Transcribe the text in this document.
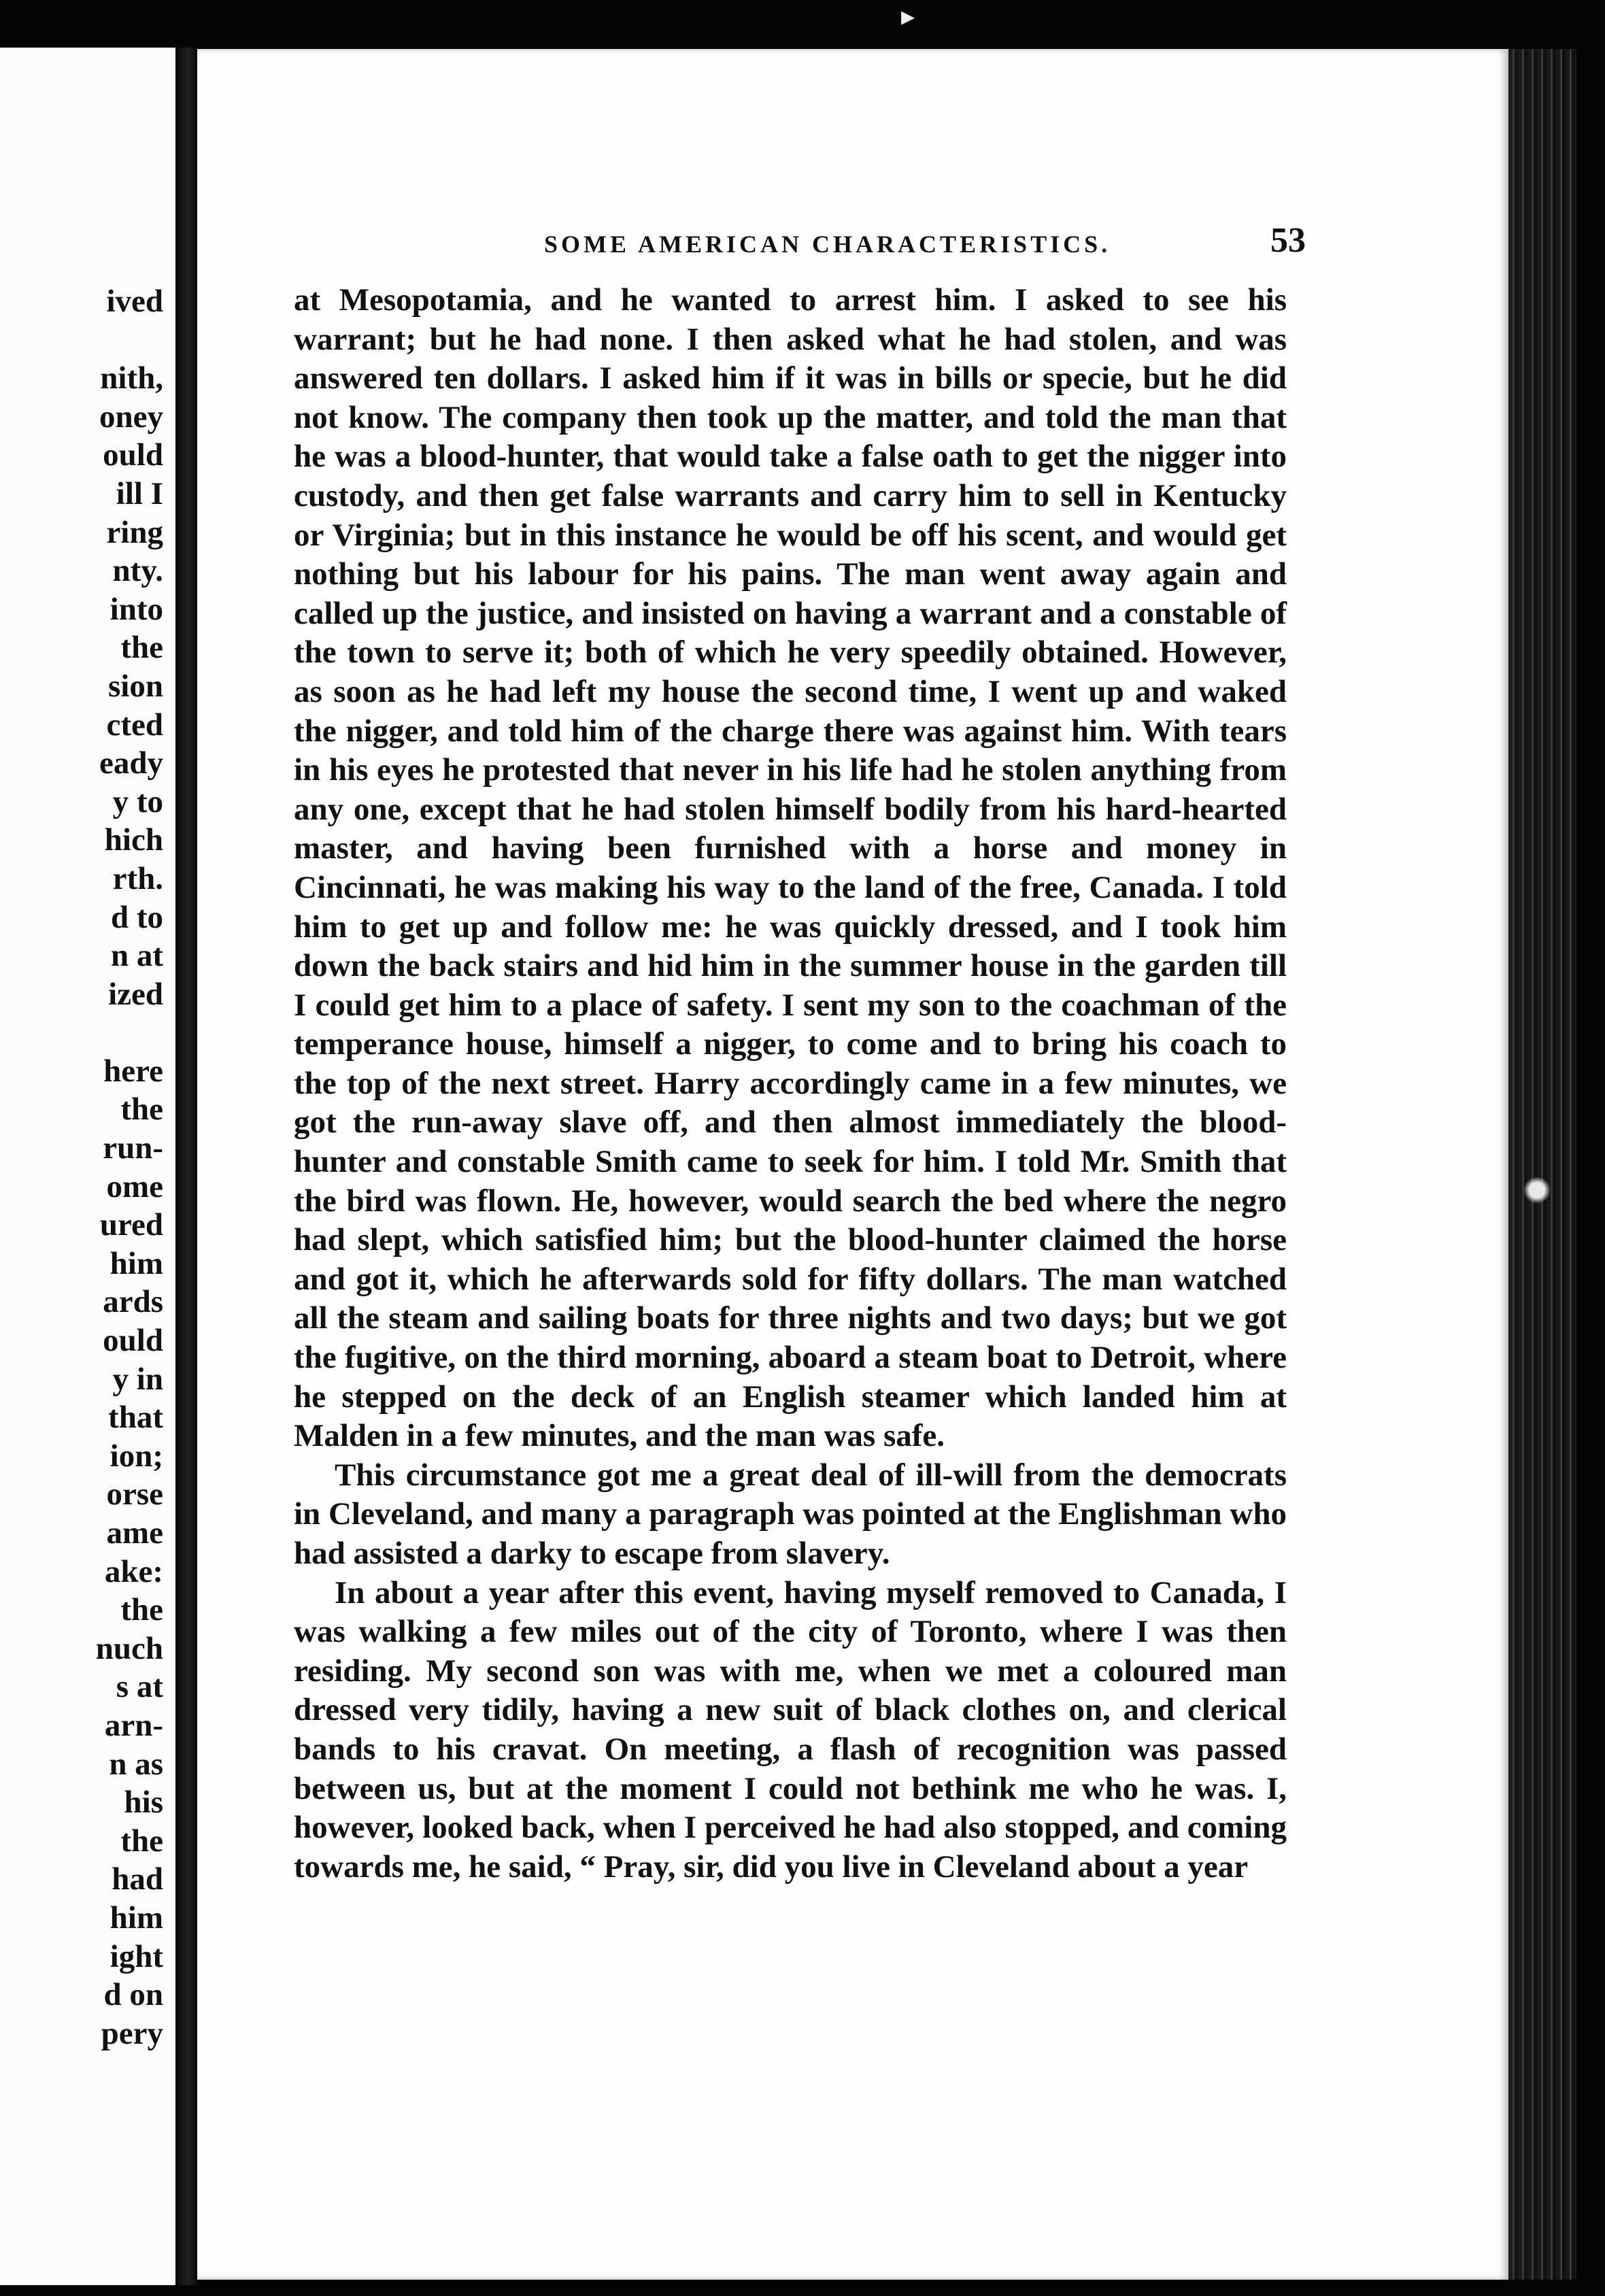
▸
ived

nith,
oney
ould
ill I
ring
nty.
into
the
sion
cted
eady
y to
hich
rth.
d to
n at
ized

here
the
run-
ome
ured
him
ards
ould
y in
that
ion;
orse
ame
ake:
the
nuch
s at
arn-
n as
his
the
had
him
ight
d on
pery
SOME AMERICAN CHARACTERISTICS.	53

at Mesopotamia, and he wanted to arrest him. I asked to see his warrant; but he had none. I then asked what he had stolen, and was answered ten dollars. I asked him if it was in bills or specie, but he did not know. The company then took up the matter, and told the man that he was a blood-hunter, that would take a false oath to get the nigger into custody, and then get false warrants and carry him to sell in Kentucky or Virginia; but in this instance he would be off his scent, and would get nothing but his labour for his pains. The man went away again and called up the justice, and insisted on having a warrant and a constable of the town to serve it; both of which he very speedily obtained. However, as soon as he had left my house the second time, I went up and waked the nigger, and told him of the charge there was against him. With tears in his eyes he protested that never in his life had he stolen anything from any one, except that he had stolen himself bodily from his hard-hearted master, and having been furnished with a horse and money in Cincinnati, he was making his way to the land of the free, Canada. I told him to get up and follow me: he was quickly dressed, and I took him down the back stairs and hid him in the summer house in the garden till I could get him to a place of safety. I sent my son to the coachman of the temperance house, himself a nigger, to come and to bring his coach to the top of the next street. Harry accordingly came in a few minutes, we got the run-away slave off, and then almost immediately the blood-hunter and constable Smith came to seek for him. I told Mr. Smith that the bird was flown. He, however, would search the bed where the negro had slept, which satisfied him; but the blood-hunter claimed the horse and got it, which he afterwards sold for fifty dollars. The man watched all the steam and sailing boats for three nights and two days; but we got the fugitive, on the third morning, aboard a steam boat to Detroit, where he stepped on the deck of an English steamer which landed him at Malden in a few minutes, and the man was safe.

This circumstance got me a great deal of ill-will from the democrats in Cleveland, and many a paragraph was pointed at the Englishman who had assisted a darky to escape from slavery.

In about a year after this event, having myself removed to Canada, I was walking a few miles out of the city of Toronto, where I was then residing. My second son was with me, when we met a coloured man dressed very tidily, having a new suit of black clothes on, and clerical bands to his cravat. On meeting, a flash of recognition was passed between us, but at the moment I could not bethink me who he was. I, however, looked back, when I perceived he had also stopped, and coming towards me, he said, “ Pray, sir, did you live in Cleveland about a year
